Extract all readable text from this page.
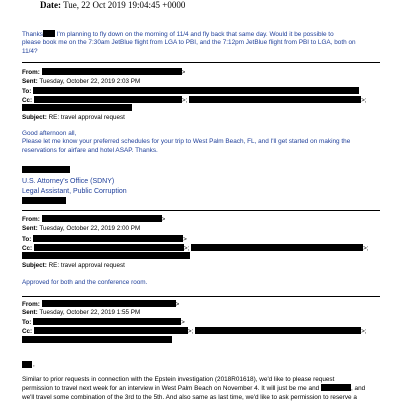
Date: Tue, 22 Oct 2019 19:04:45 +0000
Thanks I'm planning to fly down on the morning of 11/4 and fly back that same day. Would it be possible to
please book me on the 7:30am JetBlue flight from LGA to PBI, and the 7:12pm JetBlue flight from PBI to LGA, both on
11/4?
From:	>
Sent: Tuesday, October 22, 2019 2:03 PM
To:
Cc:	>;	>;
Subject: RE: travel approval request
Good afternoon all,
Please let me know your preferred schedules for your trip to West Palm Beach, FL, and I'll get started on making the
reservations for airfare and hotel ASAP. Thanks.
U.S. Attorney's Office (SDNY)
Legal Assistant, Public Corruption
From:	>
Sent: Tuesday, October 22, 2019 2:00 PM
To:	>
Cc:	>;	>;
Subject: RE: travel approval request
Approved for both and the conference room.
From:	>
Sent: Tuesday, October 22, 2019 1:55 PM
To:	>
Cc:	>;	>;
,
Similar to prior requests in connection with the Epstein investigation (2018R01618), we'd like to please request
permission to travel next week for an interview in West Palm Beach on November 4. It will just be me and	, and
we'll travel some combination of the 3rd to the 5th. And also same as last time, we'd like to ask permission to reserve a
